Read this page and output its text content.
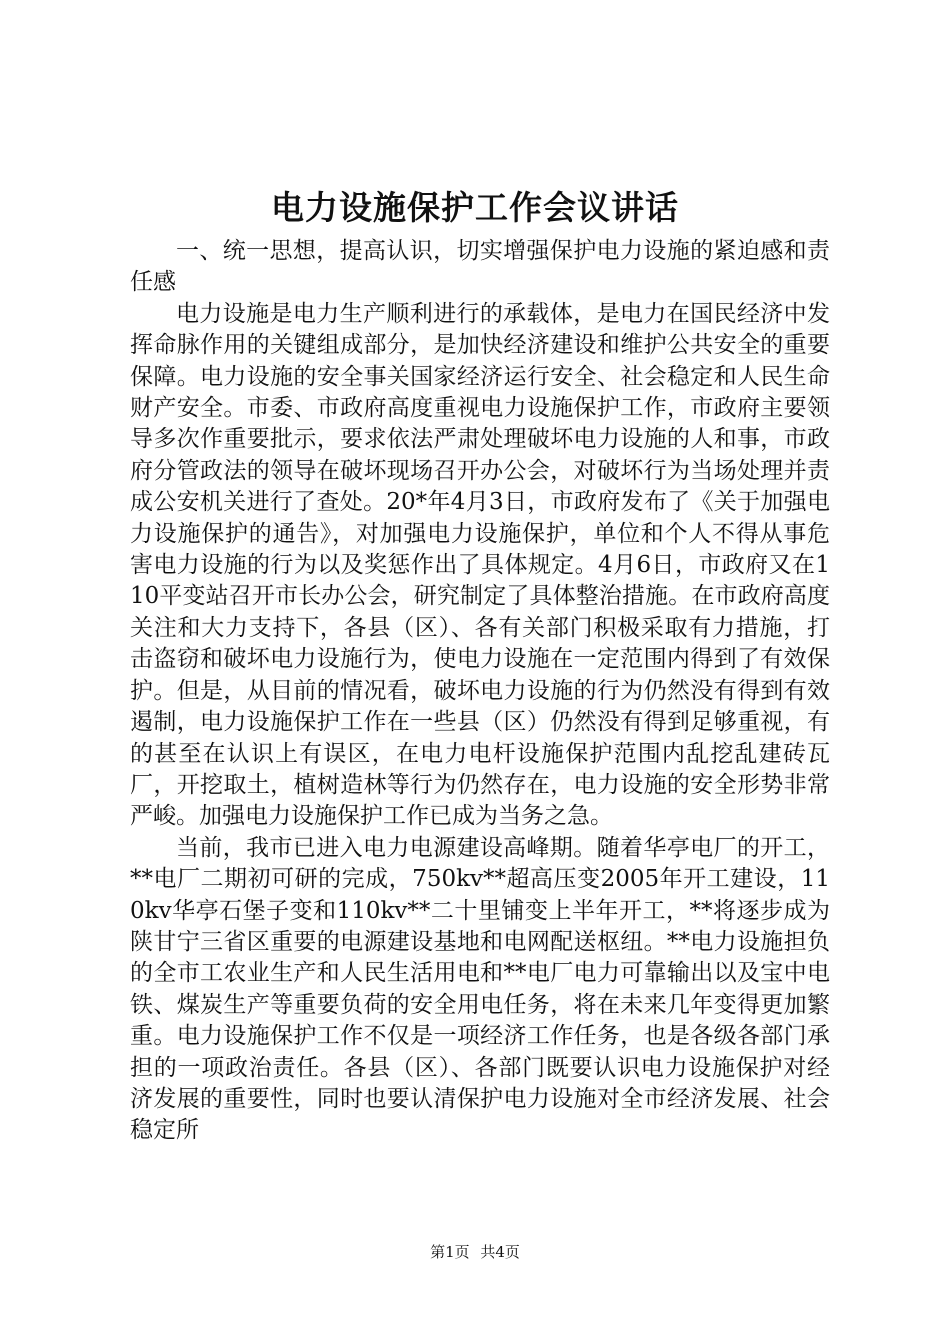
电力设施保护工作会议讲话

一、统一思想，提高认识，切实增强保护电力设施的紧迫感和责任感

电力设施是电力生产顺利进行的承载体，是电力在国民经济中发挥命脉作用的关键组成部分，是加快经济建设和维护公共安全的重要保障。电力设施的安全事关国家经济运行安全、社会稳定和人民生命财产安全。市委、市政府高度重视电力设施保护工作，市政府主要领导多次作重要批示，要求依法严肃处理破坏电力设施的人和事，市政府分管政法的领导在破坏现场召开办公会，对破坏行为当场处理并责成公安机关进行了查处。20*年4月3日，市政府发布了《关于加强电力设施保护的通告》，对加强电力设施保护，单位和个人不得从事危害电力设施的行为以及奖惩作出了具体规定。4月6日，市政府又在110平变站召开市长办公会，研究制定了具体整治措施。在市政府高度关注和大力支持下，各县（区）、各有关部门积极采取有力措施，打击盗窃和破坏电力设施行为，使电力设施在一定范围内得到了有效保护。但是，从目前的情况看，破坏电力设施的行为仍然没有得到有效遏制，电力设施保护工作在一些县（区）仍然没有得到足够重视，有的甚至在认识上有误区，在电力电杆设施保护范围内乱挖乱建砖瓦厂，开挖取土，植树造林等行为仍然存在，电力设施的安全形势非常严峻。加强电力设施保护工作已成为当务之急。

当前，我市已进入电力电源建设高峰期。随着华亭电厂的开工，**电厂二期初可研的完成，750kv**超高压变2005年开工建设，110kv华亭石堡子变和110kv**二十里铺变上半年开工，**将逐步成为陕甘宁三省区重要的电源建设基地和电网配送枢纽。**电力设施担负的全市工农业生产和人民生活用电和**电厂电力可靠输出以及宝中电铁、煤炭生产等重要负荷的安全用电任务，将在未来几年变得更加繁重。电力设施保护工作不仅是一项经济工作任务，也是各级各部门承担的一项政治责任。各县（区）、各部门既要认识电力设施保护对经济发展的重要性，同时也要认清保护电力设施对全市经济发展、社会稳定所

第1页 共4页
